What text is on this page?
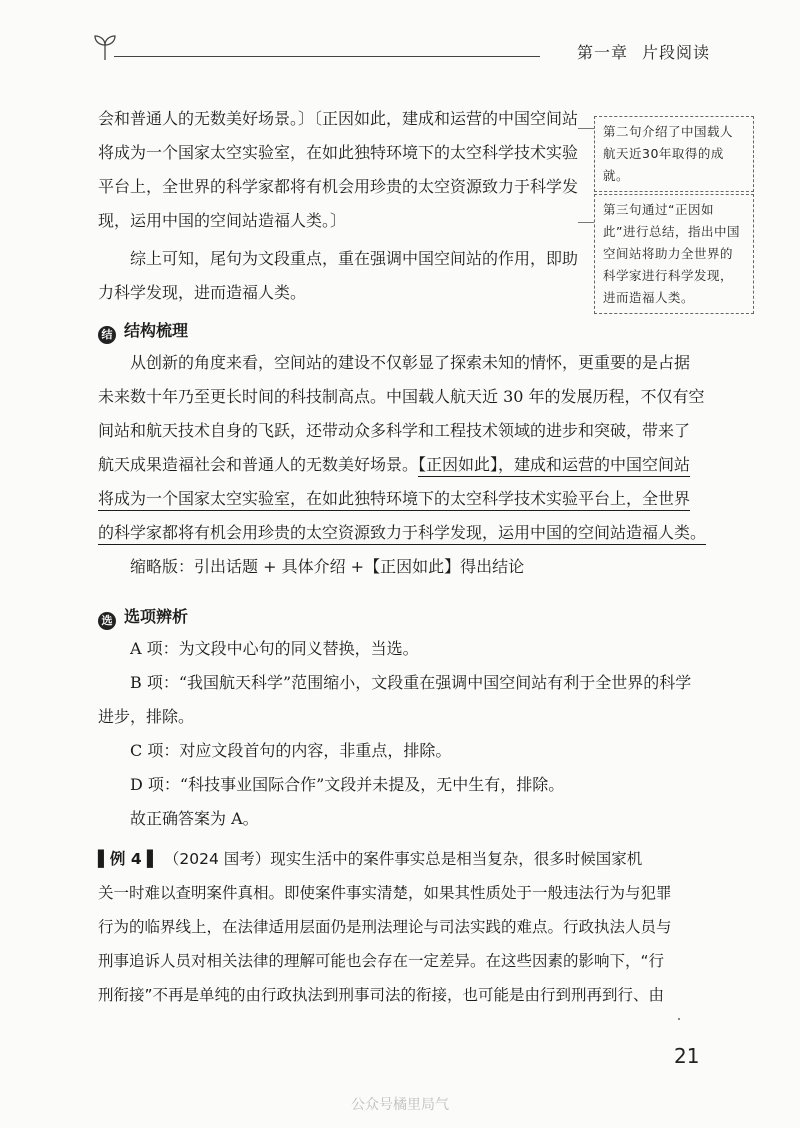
第一章 片段阅读

会和普通人的无数美好场景。〕〔正因如此，建成和运营的中国空间站

将成为一个国家太空实验室，在如此独特环境下的太空科学技术实验

平台上，全世界的科学家都将有机会用珍贵的太空资源致力于科学发

现，运用中国的空间站造福人类。〕

综上可知，尾句为文段重点，重在强调中国空间站的作用，即助

力科学发现，进而造福人类。

第二句介绍了中国载人航天近30年取得的成就。
第三句通过“正因如此”进行总结，指出中国空间站将助力全世界的科学家进行科学发现，进而造福人类。
结 结构梳理

从创新的角度来看，空间站的建设不仅彰显了探索未知的情怀，更重要的是占据

未来数十年乃至更长时间的科技制高点。中国载人航天近 30 年的发展历程，不仅有空

间站和航天技术自身的飞跃，还带动众多科学和工程技术领域的进步和突破，带来了

航天成果造福社会和普通人的无数美好场景。【正因如此】，建成和运营的中国空间站

将成为一个国家太空实验室，在如此独特环境下的太空科学技术实验平台上，全世界

的科学家都将有机会用珍贵的太空资源致力于科学发现，运用中国的空间站造福人类。

缩略版：引出话题 + 具体介绍 +【正因如此】得出结论

选 选项辨析

A 项：为文段中心句的同义替换，当选。

B 项：“我国航天科学”范围缩小，文段重在强调中国空间站有利于全世界的科学

进步，排除。

C 项：对应文段首句的内容，非重点，排除。

D 项：“科技事业国际合作”文段并未提及，无中生有，排除。

故正确答案为 A。

▌例 4 ▌ （2024 国考）现实生活中的案件事实总是相当复杂，很多时候国家机

关一时难以查明案件真相。即使案件事实清楚，如果其性质处于一般违法行为与犯罪

行为的临界线上，在法律适用层面仍是刑法理论与司法实践的难点。行政执法人员与

刑事追诉人员对相关法律的理解可能也会存在一定差异。在这些因素的影响下，“行

刑衔接”不再是单纯的由行政执法到刑事司法的衔接，也可能是由行到刑再到行、由

21
公众号橘里局气
